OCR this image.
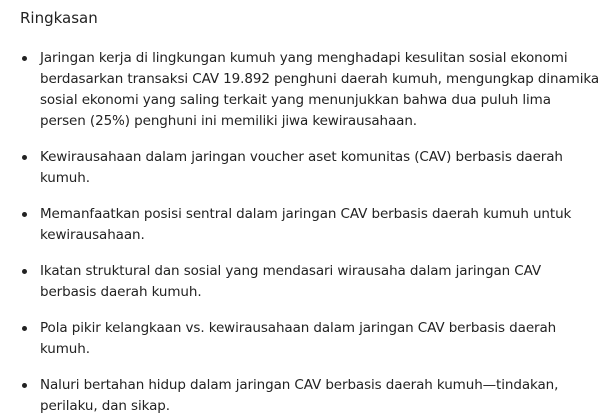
Ringkasan
Jaringan kerja di lingkungan kumuh yang menghadapi kesulitan sosial ekonomi berdasarkan transaksi CAV 19.892 penghuni daerah kumuh, mengungkap dinamika sosial ekonomi yang saling terkait yang menunjukkan bahwa dua puluh lima persen (25%) penghuni ini memiliki jiwa kewirausahaan.
Kewirausahaan dalam jaringan voucher aset komunitas (CAV) berbasis daerah kumuh.
Memanfaatkan posisi sentral dalam jaringan CAV berbasis daerah kumuh untuk kewirausahaan.
Ikatan struktural dan sosial yang mendasari wirausaha dalam jaringan CAV berbasis daerah kumuh.
Pola pikir kelangkaan vs. kewirausahaan dalam jaringan CAV berbasis daerah kumuh.
Naluri bertahan hidup dalam jaringan CAV berbasis daerah kumuh—tindakan, perilaku, dan sikap.
